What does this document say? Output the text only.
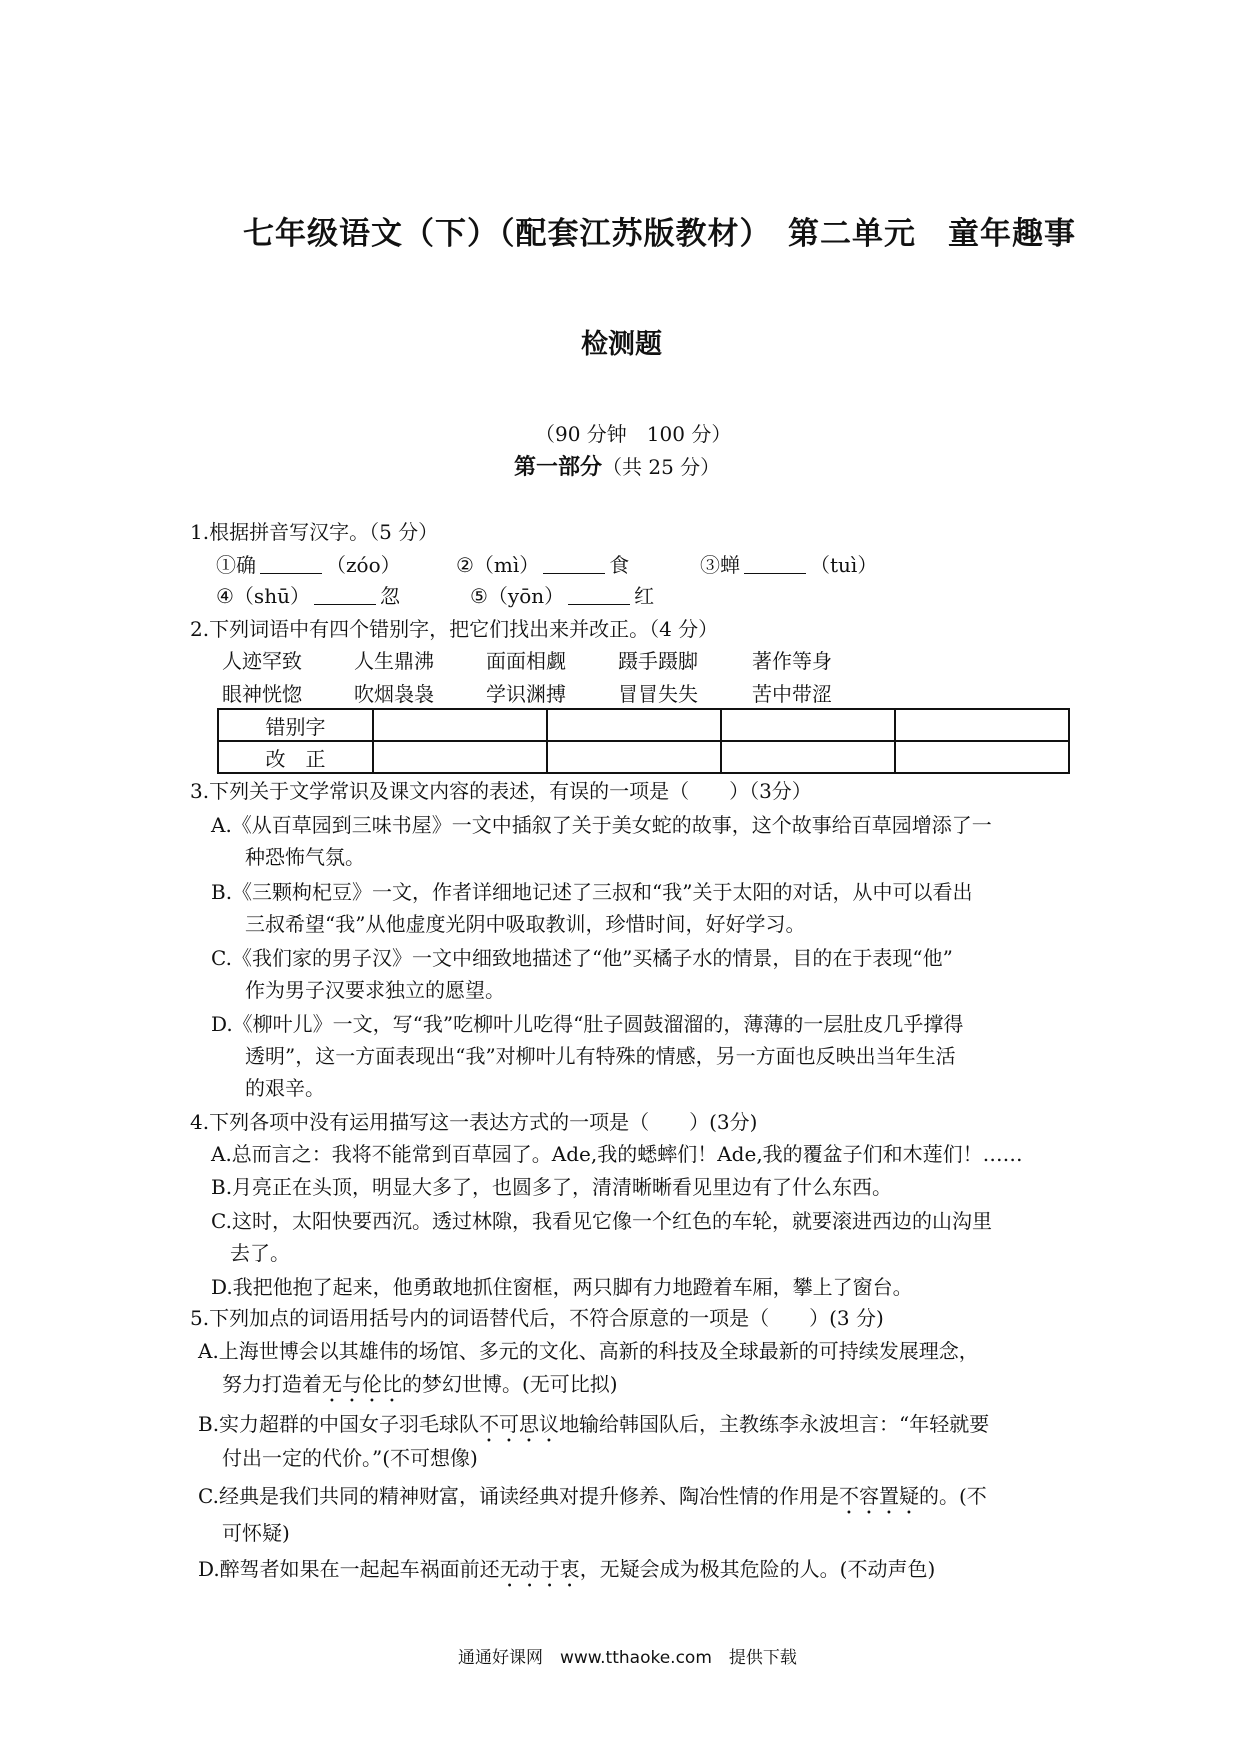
七年级语文（下）（配套江苏版教材）　第二单元　童年趣事
检测题
（90 分钟　100 分）
第一部分（共 25 分）
1.根据拼音写汉字。（5 分）
①确	（zóo）	②（mì）	食	③蝉	（tuì）
④（shū）	忽	⑤（yōn）	红
2.下列词语中有四个错别字，把它们找出来并改正。（4 分）
人迹罕致	人生鼎沸	面面相觑	蹑手蹑脚	著作等身
眼神恍惚	吹烟袅袅	学识渊搏	冒冒失失	苦中带涩
错别字				
改　正				
3.下列关于文学常识及课文内容的表述，有误的一项是（　　）（3分）
A.《从百草园到三味书屋》一文中插叙了关于美女蛇的故事，这个故事给百草园增添了一
种恐怖气氛。
B.《三颗枸杞豆》一文，作者详细地记述了三叔和“我”关于太阳的对话，从中可以看出
三叔希望“我”从他虚度光阴中吸取教训，珍惜时间，好好学习。
C.《我们家的男子汉》一文中细致地描述了“他”买橘子水的情景，目的在于表现“他”
作为男子汉要求独立的愿望。
D.《柳叶儿》一文，写“我”吃柳叶儿吃得“肚子圆鼓溜溜的，薄薄的一层肚皮几乎撑得
透明”，这一方面表现出“我”对柳叶儿有特殊的情感，另一方面也反映出当年生活
的艰辛。
4.下列各项中没有运用描写这一表达方式的一项是（　　）(3分)
A.总而言之：我将不能常到百草园了。Ade,我的蟋蟀们！Ade,我的覆盆子们和木莲们！……
B.月亮正在头顶，明显大多了，也圆多了，清清晰晰看见里边有了什么东西。
C.这时，太阳快要西沉。透过林隙，我看见它像一个红色的车轮，就要滚进西边的山沟里
去了。
D.我把他抱了起来，他勇敢地抓住窗框，两只脚有力地蹬着车厢，攀上了窗台。
5.下列加点的词语用括号内的词语替代后，不符合原意的一项是（　　）(3 分)
A.上海世博会以其雄伟的场馆、多元的文化、高新的科技及全球最新的可持续发展理念，
努力打造着无与伦比的梦幻世博。(无可比拟)
B.实力超群的中国女子羽毛球队不可思议地输给韩国队后，主教练李永波坦言：“年轻就要
付出一定的代价。”(不可想像)
C.经典是我们共同的精神财富，诵读经典对提升修养、陶冶性情的作用是不容置疑的。(不
可怀疑)
D.醉驾者如果在一起起车祸面前还无动于衷，无疑会成为极其危险的人。(不动声色)
通通好课网　www.tthaoke.com　提供下载
